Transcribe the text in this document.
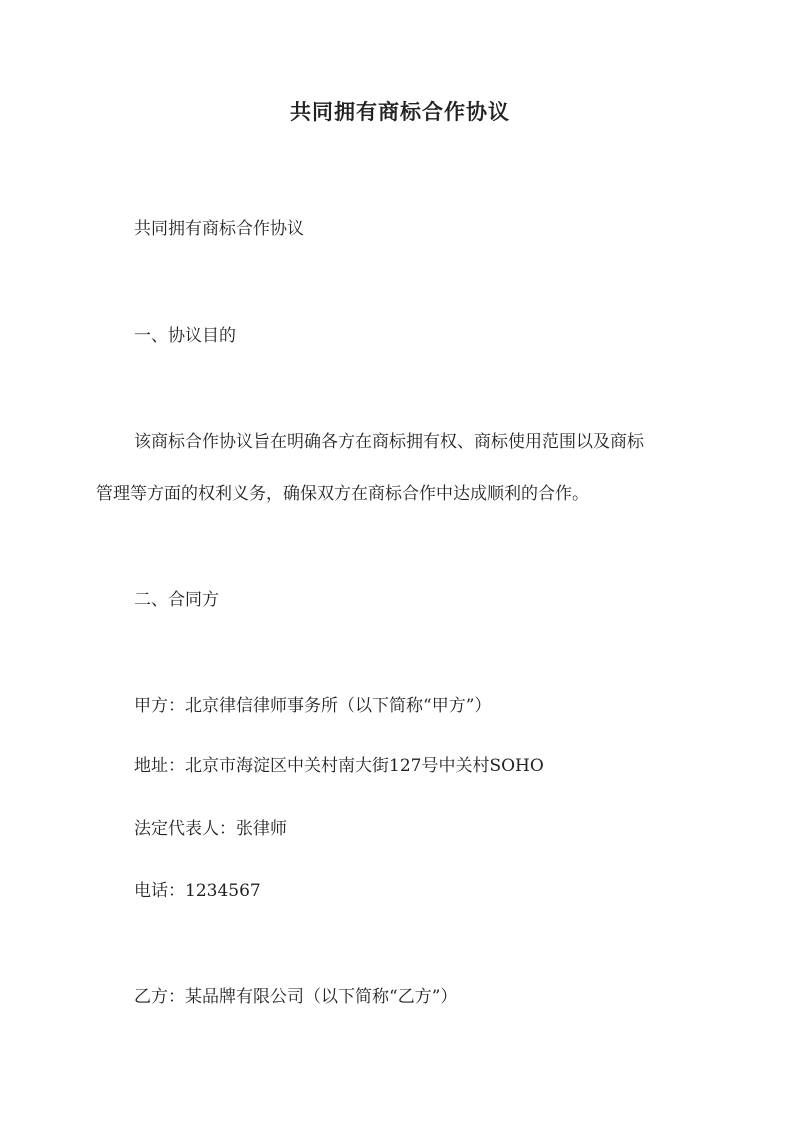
共同拥有商标合作协议

共同拥有商标合作协议

一、协议目的

该商标合作协议旨在明确各方在商标拥有权、商标使用范围以及商标

管理等方面的权利义务，确保双方在商标合作中达成顺利的合作。

二、合同方

甲方：北京律信律师事务所（以下简称“甲方”）

地址：北京市海淀区中关村南大街127号中关村SOHO

法定代表人：张律师

电话：1234567

乙方：某品牌有限公司（以下简称“乙方”）
